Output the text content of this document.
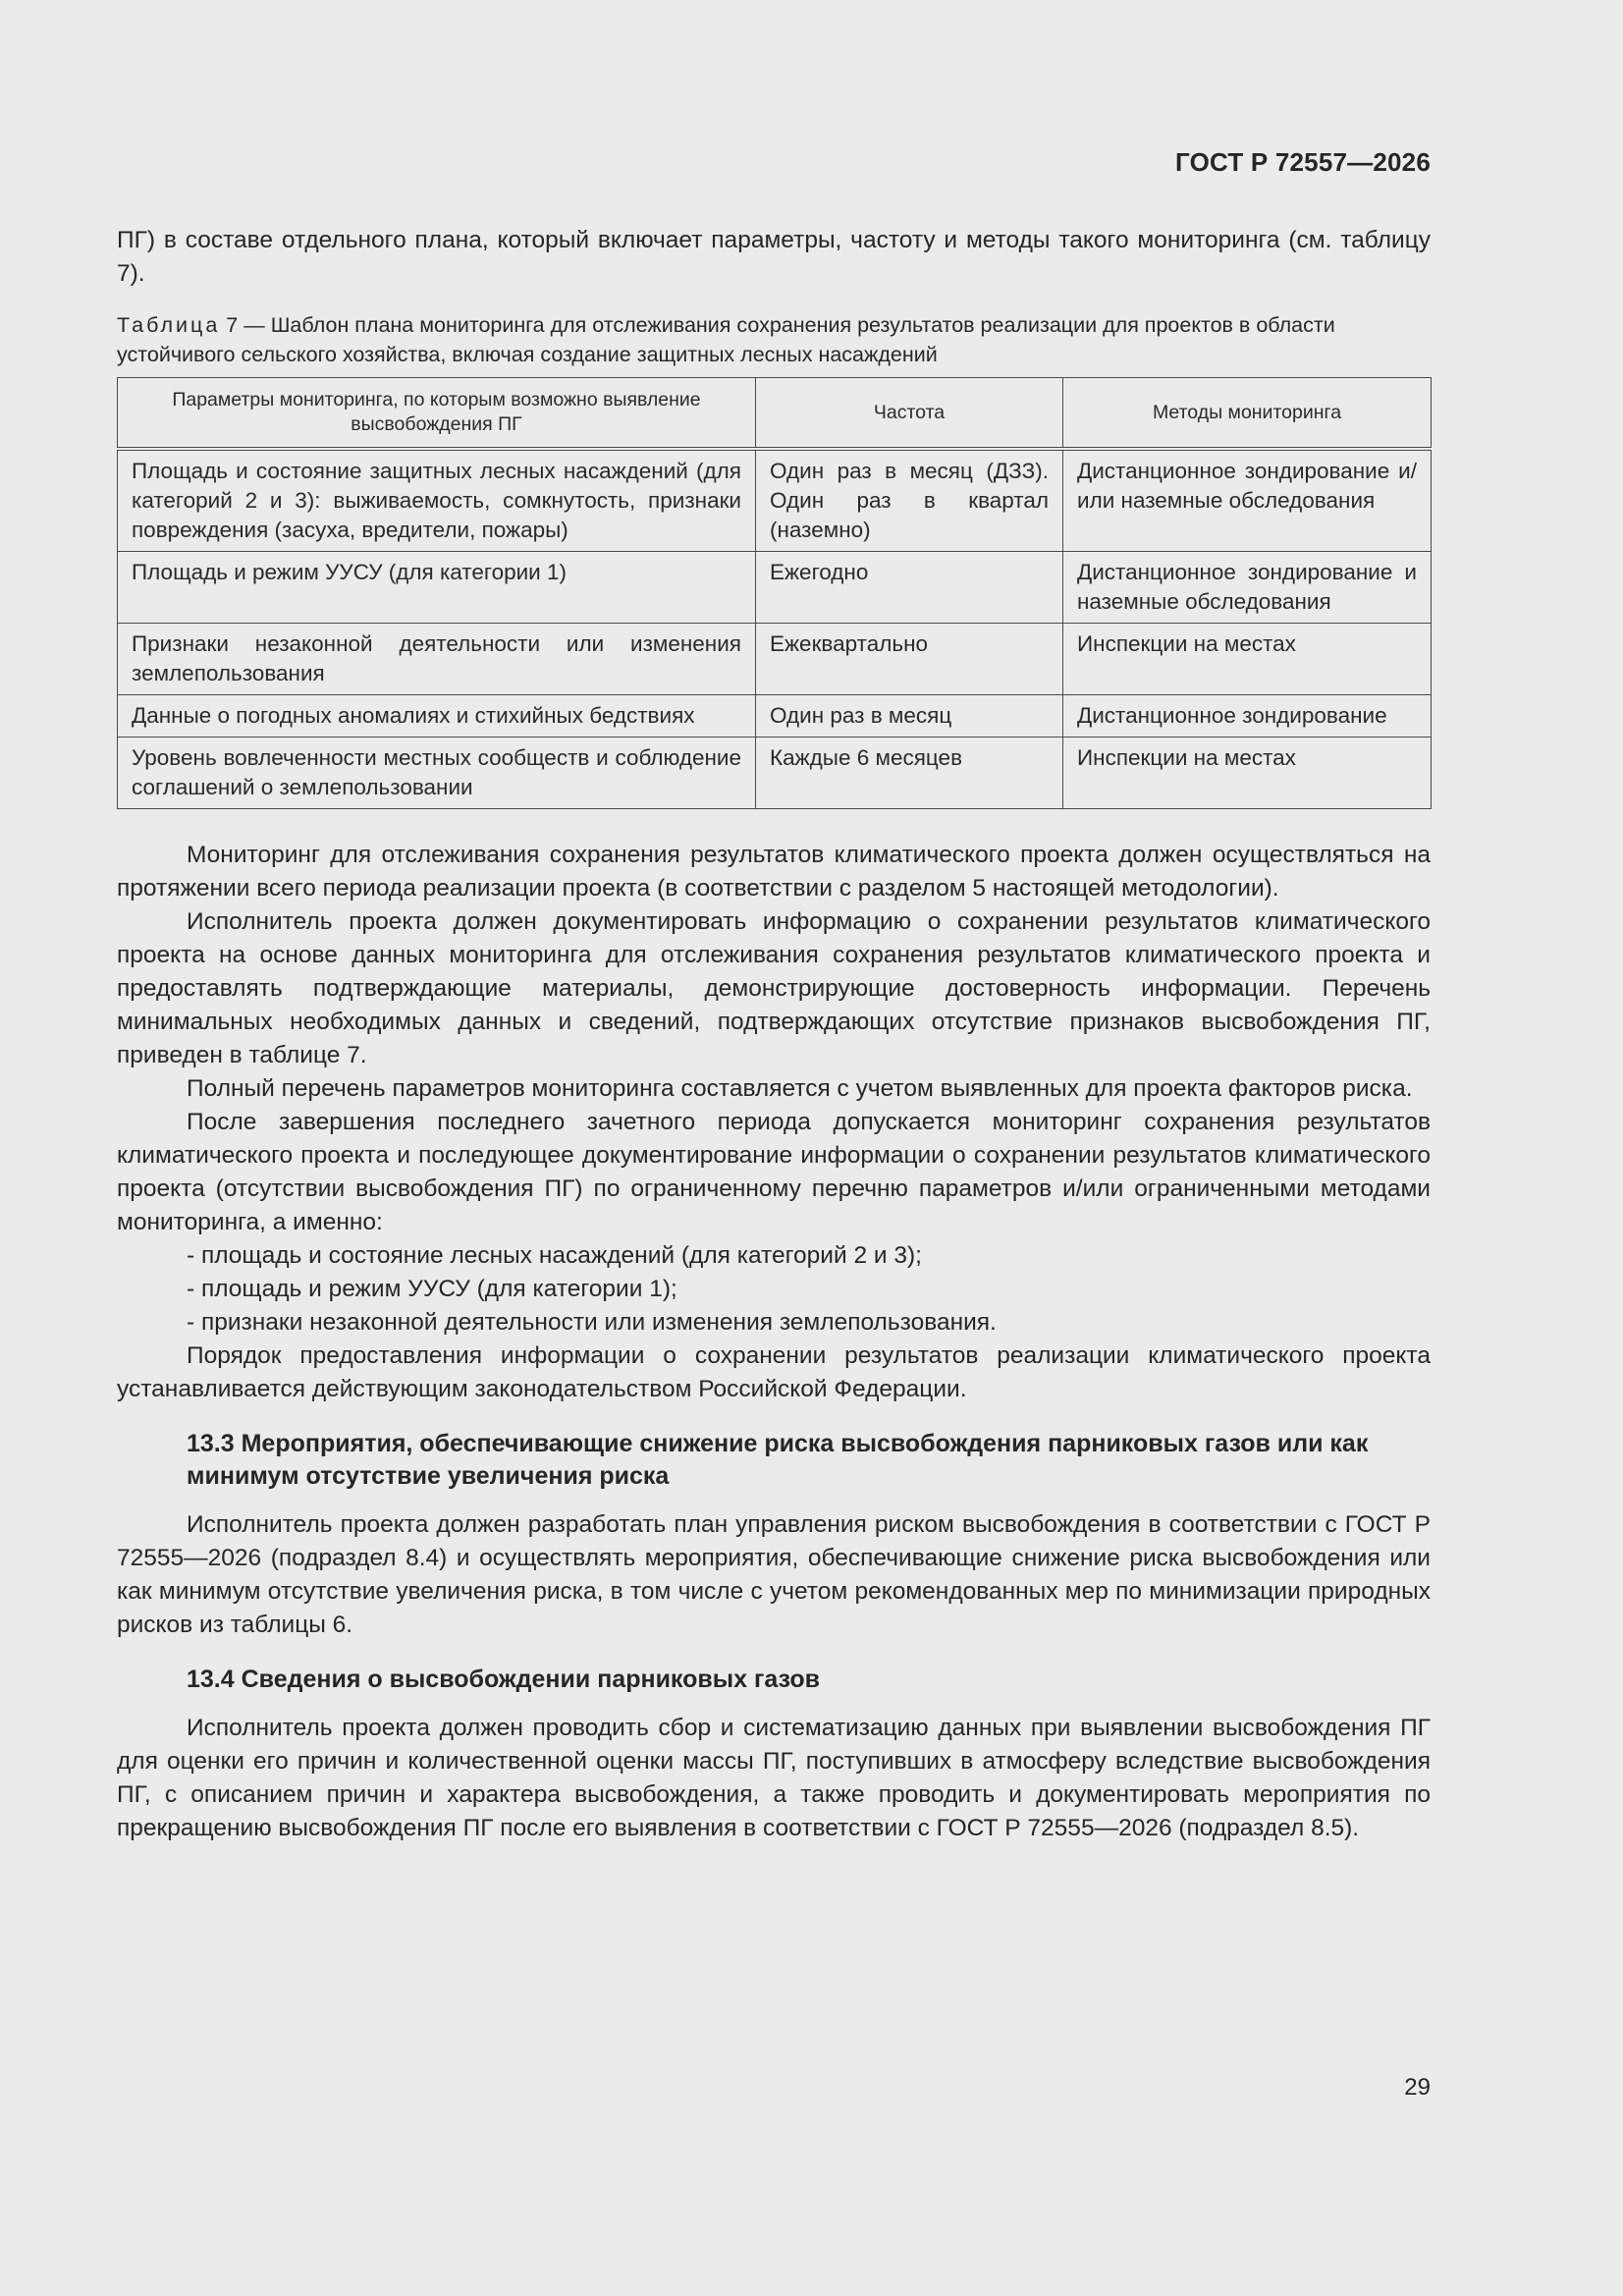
ГОСТ Р 72557—2026

ПГ) в составе отдельного плана, который включает параметры, частоту и методы такого мониторинга (см. таблицу 7).

Таблица 7 — Шаблон плана мониторинга для отслеживания сохранения результатов реализации для проектов в области устойчивого сельского хозяйства, включая создание защитных лесных насаждений

Параметры мониторинга, по которым возможно выявление высвобождения ПГ	Частота	Методы мониторинга
Площадь и состояние защитных лесных насаждений (для категорий 2 и 3): выживаемость, сомкнутость, признаки повреждения (засуха, вредители, пожары)	Один раз в месяц (ДЗЗ). Один раз в квартал (наземно)	Дистанционное зондирование и/или наземные обследования
Площадь и режим УУСУ (для категории 1)	Ежегодно	Дистанционное зондирование и наземные обследования
Признаки незаконной деятельности или изменения землепользования	Ежеквартально	Инспекции на местах
Данные о погодных аномалиях и стихийных бедствиях	Один раз в месяц	Дистанционное зондирование
Уровень вовлеченности местных сообществ и соблюдение соглашений о землепользовании	Каждые 6 месяцев	Инспекции на местах

Мониторинг для отслеживания сохранения результатов климатического проекта должен осуществляться на протяжении всего периода реализации проекта (в соответствии с разделом 5 настоящей методологии).

Исполнитель проекта должен документировать информацию о сохранении результатов климатического проекта на основе данных мониторинга для отслеживания сохранения результатов климатического проекта и предоставлять подтверждающие материалы, демонстрирующие достоверность информации. Перечень минимальных необходимых данных и сведений, подтверждающих отсутствие признаков высвобождения ПГ, приведен в таблице 7.

Полный перечень параметров мониторинга составляется с учетом выявленных для проекта факторов риска.

После завершения последнего зачетного периода допускается мониторинг сохранения результатов климатического проекта и последующее документирование информации о сохранении результатов климатического проекта (отсутствии высвобождения ПГ) по ограниченному перечню параметров и/или ограниченными методами мониторинга, а именно:

- площадь и состояние лесных насаждений (для категорий 2 и 3);

- площадь и режим УУСУ (для категории 1);

- признаки незаконной деятельности или изменения землепользования.

Порядок предоставления информации о сохранении результатов реализации климатического проекта устанавливается действующим законодательством Российской Федерации.

13.3 Мероприятия, обеспечивающие снижение риска высвобождения парниковых газов или как минимум отсутствие увеличения риска

Исполнитель проекта должен разработать план управления риском высвобождения в соответствии с ГОСТ Р 72555—2026 (подраздел 8.4) и осуществлять мероприятия, обеспечивающие снижение риска высвобождения или как минимум отсутствие увеличения риска, в том числе с учетом рекомендованных мер по минимизации природных рисков из таблицы 6.

13.4 Сведения о высвобождении парниковых газов

Исполнитель проекта должен проводить сбор и систематизацию данных при выявлении высвобождения ПГ для оценки его причин и количественной оценки массы ПГ, поступивших в атмосферу вследствие высвобождения ПГ, с описанием причин и характера высвобождения, а также проводить и документировать мероприятия по прекращению высвобождения ПГ после его выявления в соответствии с ГОСТ Р 72555—2026 (подраздел 8.5).

29
